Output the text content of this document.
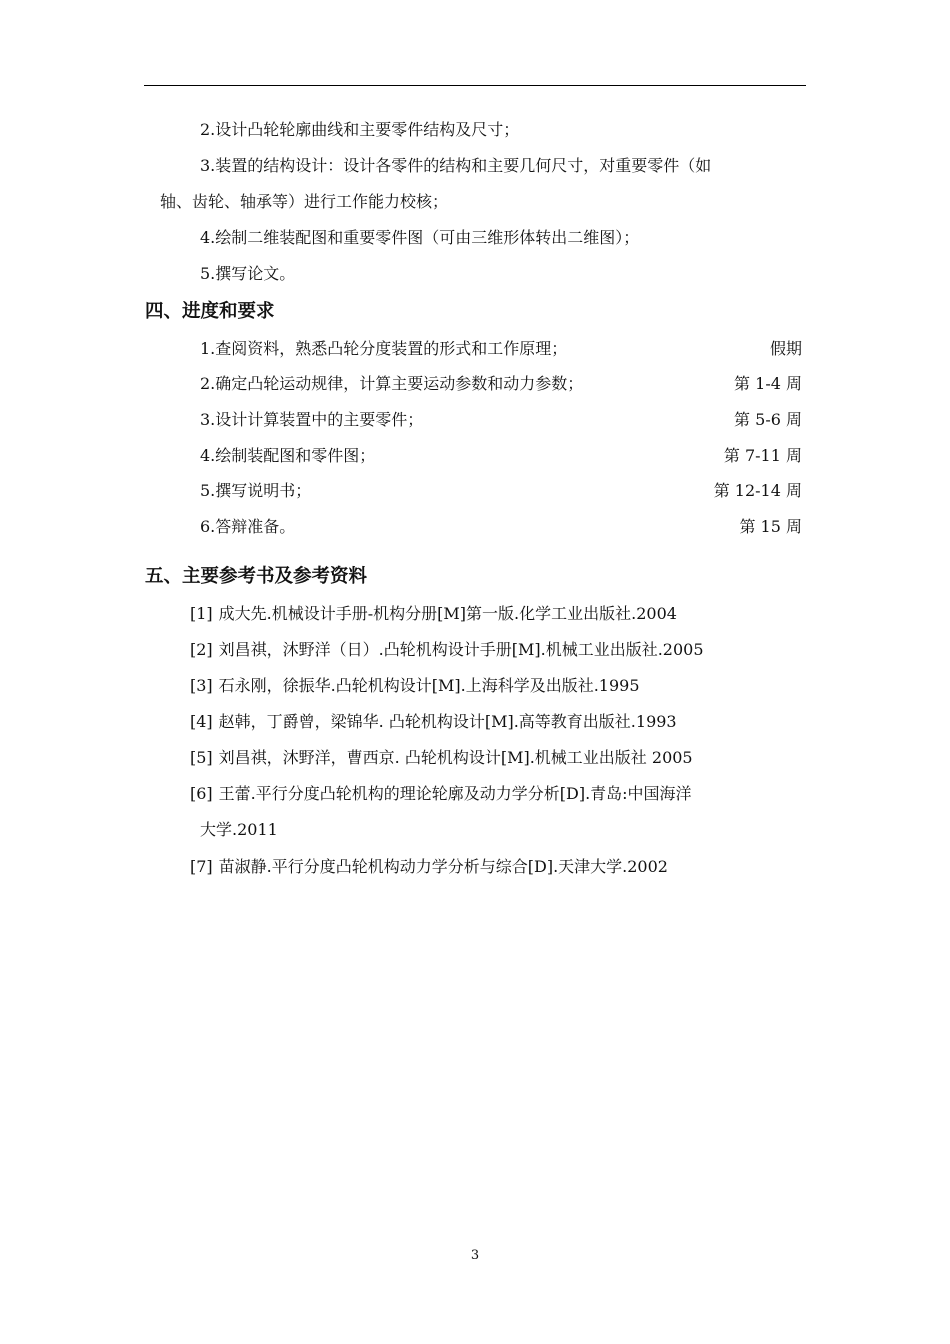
2.设计凸轮轮廓曲线和主要零件结构及尺寸；
3.装置的结构设计：设计各零件的结构和主要几何尺寸，对重要零件（如
轴、齿轮、轴承等）进行工作能力校核；
4.绘制二维装配图和重要零件图（可由三维形体转出二维图）；
5.撰写论文。
四、进度和要求
1.查阅资料，熟悉凸轮分度装置的形式和工作原理；	假期
2.确定凸轮运动规律，计算主要运动参数和动力参数；	第 1-4 周
3.设计计算装置中的主要零件；	第 5-6 周
4.绘制装配图和零件图；	第 7-11 周
5.撰写说明书；	第 12-14 周
6.答辩准备。	第 15 周
五、主要参考书及参考资料
[1] 成大先.机械设计手册-机构分册[M]第一版.化学工业出版社.2004
[2] 刘昌祺，沐野洋（日）.凸轮机构设计手册[M].机械工业出版社.2005
[3] 石永刚，徐振华.凸轮机构设计[M].上海科学及出版社.1995
[4] 赵韩，丁爵曾，梁锦华. 凸轮机构设计[M].高等教育出版社.1993
[5] 刘昌祺，沐野洋，曹西京. 凸轮机构设计[M].机械工业出版社 2005
[6] 王蕾.平行分度凸轮机构的理论轮廓及动力学分析[D].青岛:中国海洋
大学.2011
[7] 苗淑静.平行分度凸轮机构动力学分析与综合[D].天津大学.2002
3
